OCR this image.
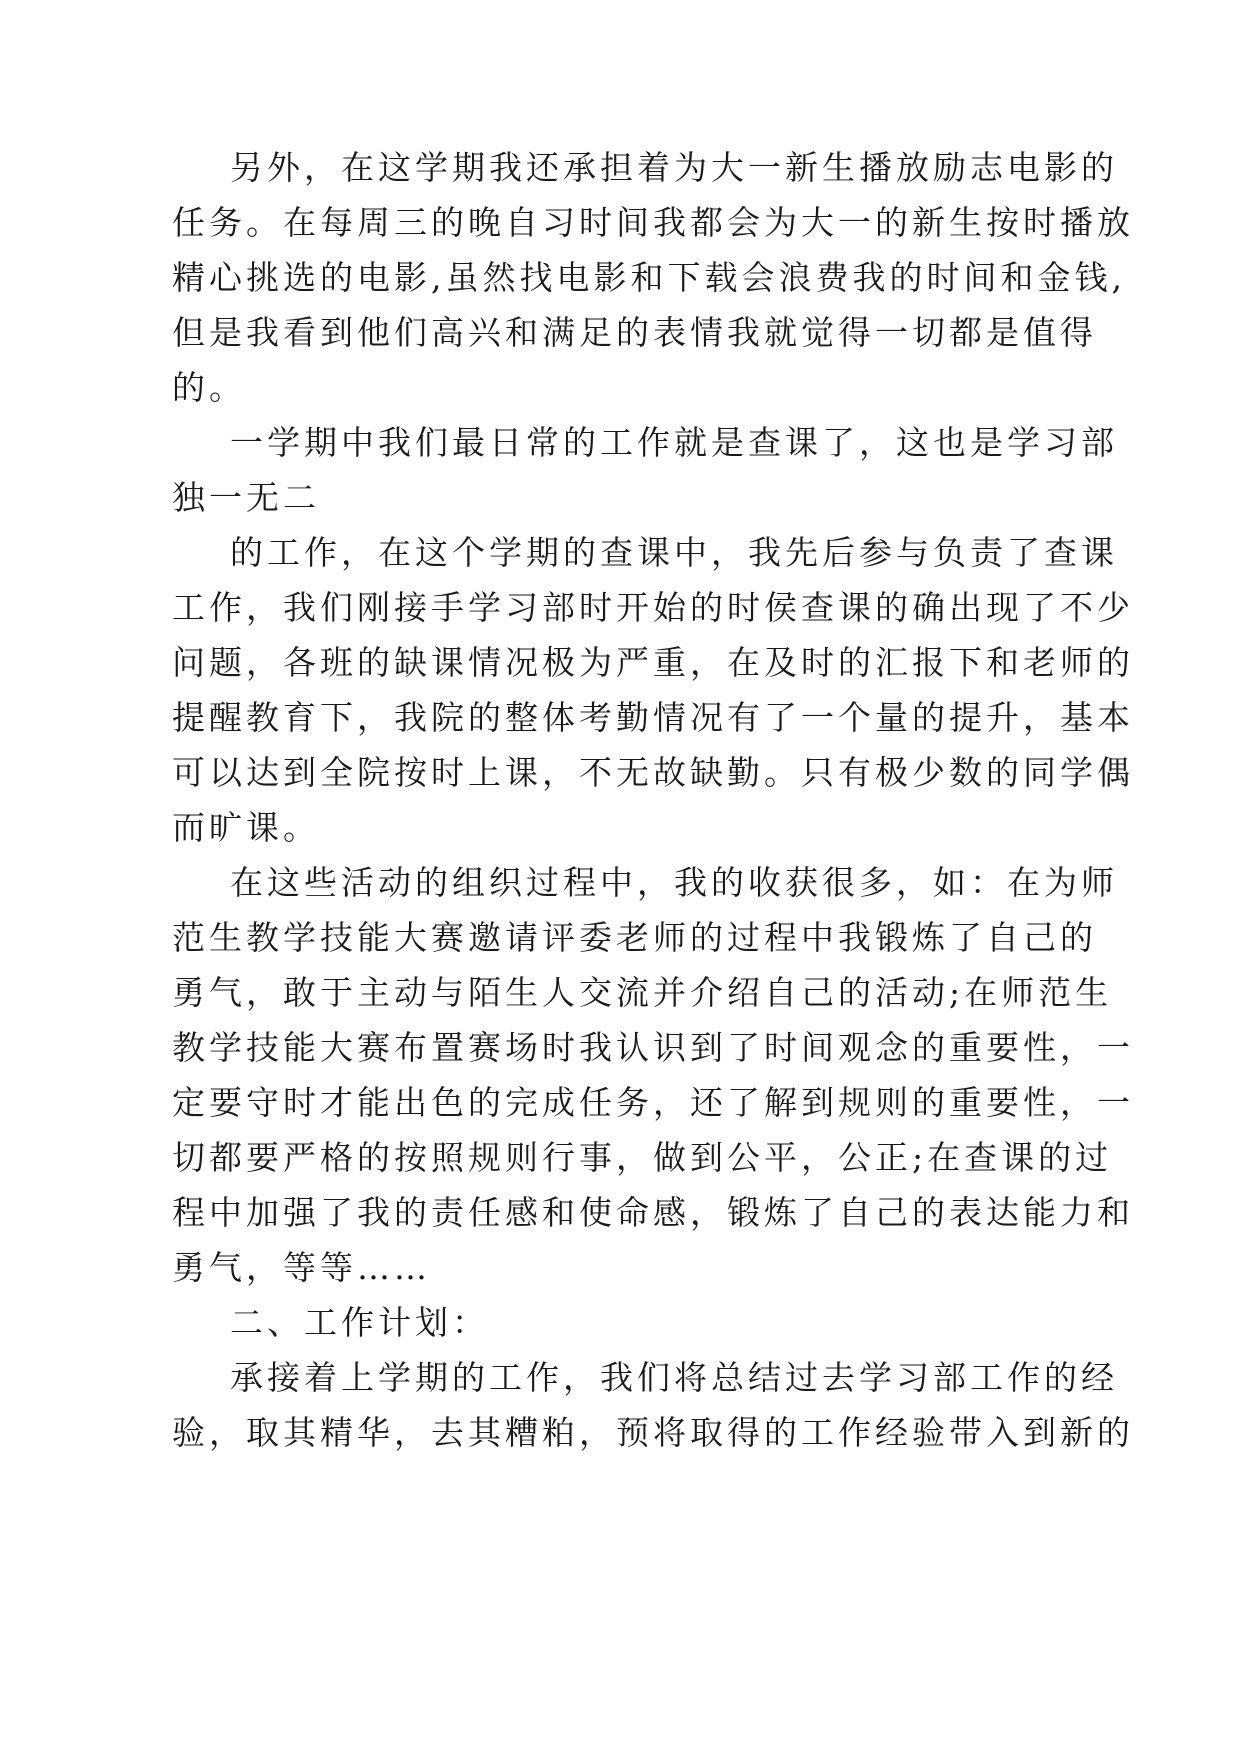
另外，在这学期我还承担着为大一新生播放励志电影的

任务。在每周三的晚自习时间我都会为大一的新生按时播放

精心挑选的电影,虽然找电影和下载会浪费我的时间和金钱,

但是我看到他们高兴和满足的表情我就觉得一切都是值得

的。

一学期中我们最日常的工作就是查课了，这也是学习部

独一无二

的工作，在这个学期的查课中，我先后参与负责了查课

工作，我们刚接手学习部时开始的时侯查课的确出现了不少

问题，各班的缺课情况极为严重，在及时的汇报下和老师的

提醒教育下，我院的整体考勤情况有了一个量的提升，基本

可以达到全院按时上课，不无故缺勤。只有极少数的同学偶

而旷课。

在这些活动的组织过程中，我的收获很多，如：在为师

范生教学技能大赛邀请评委老师的过程中我锻炼了自己的

勇气，敢于主动与陌生人交流并介绍自己的活动;在师范生

教学技能大赛布置赛场时我认识到了时间观念的重要性，一

定要守时才能出色的完成任务，还了解到规则的重要性，一

切都要严格的按照规则行事，做到公平，公正;在查课的过

程中加强了我的责任感和使命感，锻炼了自己的表达能力和

勇气，等等……

二、工作计划：

承接着上学期的工作，我们将总结过去学习部工作的经

验，取其精华，去其糟粕，预将取得的工作经验带入到新的
